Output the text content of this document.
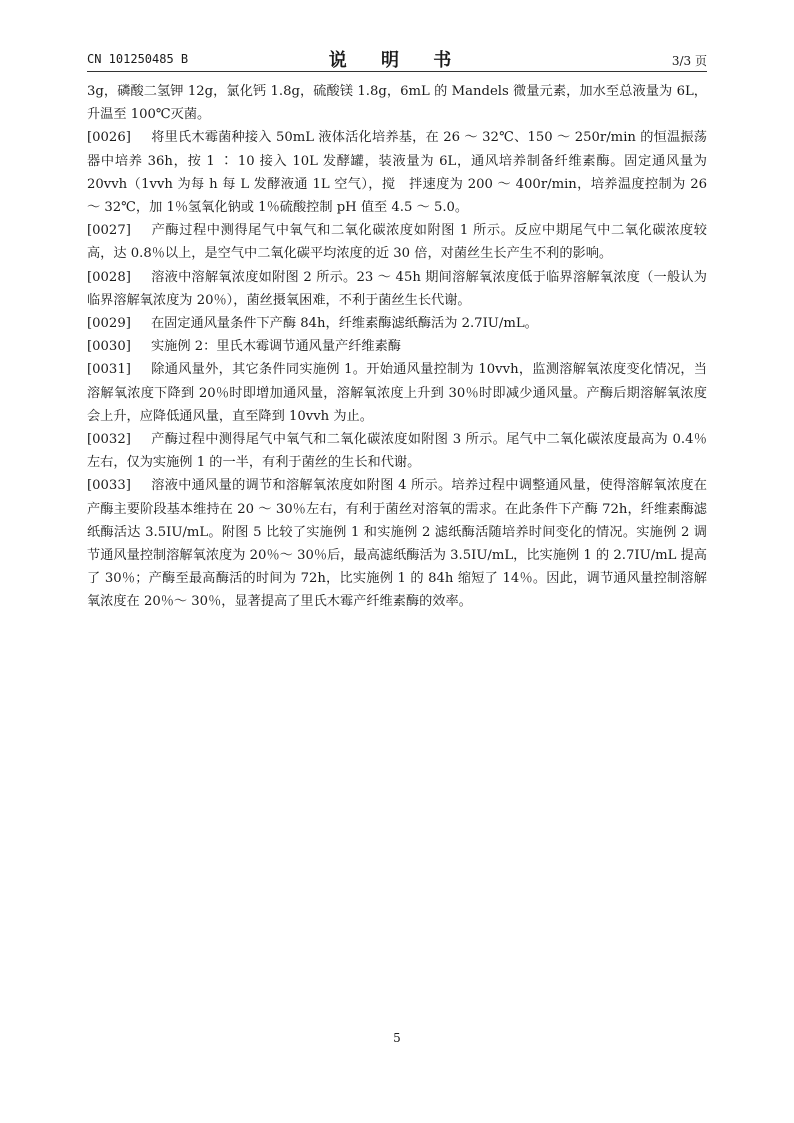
CN 101250485 B	说 明 书	3/3 页

3g，磷酸二氢钾 12g，氯化钙 1.8g，硫酸镁 1.8g，6mL 的 Mandels 微量元素，加水至总液量为 6L，升温至 100℃灭菌。

[0026] 将里氏木霉菌种接入 50mL 液体活化培养基，在 26 ～ 32℃、150 ～ 250r/min 的恒温振荡器中培养 36h，按 1 ∶ 10 接入 10L 发酵罐，装液量为 6L，通风培养制备纤维素酶。固定通风量为 20vvh（1vvh 为每 h 每 L 发酵液通 1L 空气），搅　拌速度为 200 ～ 400r/min，培养温度控制为 26 ～ 32℃，加 1％氢氧化钠或 1％硫酸控制 pH 值至 4.5 ～ 5.0。

[0027] 产酶过程中测得尾气中氧气和二氧化碳浓度如附图 1 所示。反应中期尾气中二氧化碳浓度较高，达 0.8％以上，是空气中二氧化碳平均浓度的近 30 倍，对菌丝生长产生不利的影响。

[0028] 溶液中溶解氧浓度如附图 2 所示。23 ～ 45h 期间溶解氧浓度低于临界溶解氧浓度（一般认为临界溶解氧浓度为 20％），菌丝摄氧困难，不利于菌丝生长代谢。

[0029] 在固定通风量条件下产酶 84h，纤维素酶滤纸酶活为 2.7IU/mL。

[0030] 实施例 2：里氏木霉调节通风量产纤维素酶

[0031] 除通风量外，其它条件同实施例 1。开始通风量控制为 10vvh，监测溶解氧浓度变化情况，当溶解氧浓度下降到 20％时即增加通风量，溶解氧浓度上升到 30％时即减少通风量。产酶后期溶解氧浓度会上升，应降低通风量，直至降到 10vvh 为止。

[0032] 产酶过程中测得尾气中氧气和二氧化碳浓度如附图 3 所示。尾气中二氧化碳浓度最高为 0.4％左右，仅为实施例 1 的一半，有利于菌丝的生长和代谢。

[0033] 溶液中通风量的调节和溶解氧浓度如附图 4 所示。培养过程中调整通风量，使得溶解氧浓度在产酶主要阶段基本维持在 20 ～ 30％左右，有利于菌丝对溶氧的需求。在此条件下产酶 72h，纤维素酶滤纸酶活达 3.5IU/mL。附图 5 比较了实施例 1 和实施例 2 滤纸酶活随培养时间变化的情况。实施例 2 调节通风量控制溶解氧浓度为 20％～ 30％后，最高滤纸酶活为 3.5IU/mL，比实施例 1 的 2.7IU/mL 提高了 30％；产酶至最高酶活的时间为 72h，比实施例 1 的 84h 缩短了 14％。因此，调节通风量控制溶解氧浓度在 20％～ 30％，显著提高了里氏木霉产纤维素酶的效率。

5
